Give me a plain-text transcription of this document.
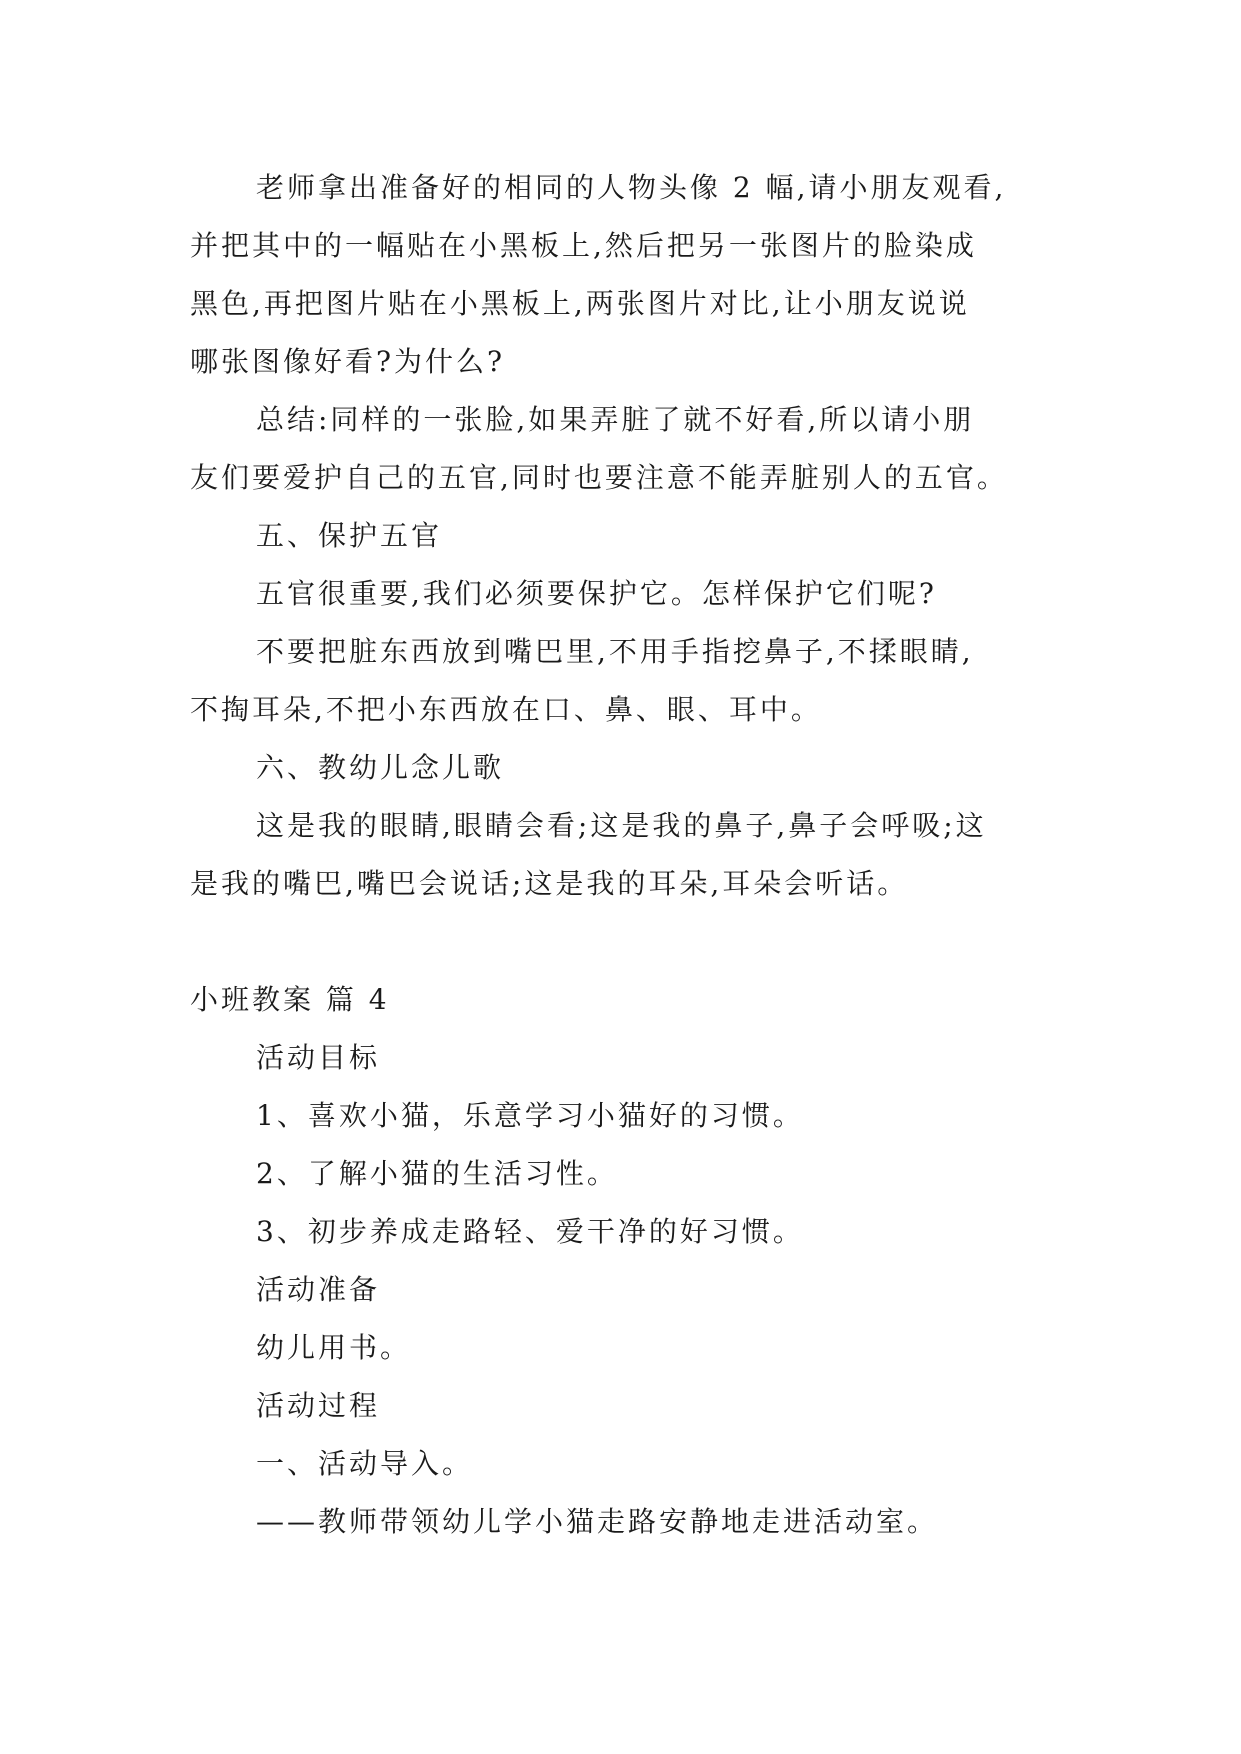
老师拿出准备好的相同的人物头像 2 幅,请小朋友观看,
并把其中的一幅贴在小黑板上,然后把另一张图片的脸染成
黑色,再把图片贴在小黑板上,两张图片对比,让小朋友说说
哪张图像好看?为什么?
总结:同样的一张脸,如果弄脏了就不好看,所以请小朋
友们要爱护自己的五官,同时也要注意不能弄脏别人的五官。
五、保护五官
五官很重要,我们必须要保护它。怎样保护它们呢?
不要把脏东西放到嘴巴里,不用手指挖鼻子,不揉眼睛,
不掏耳朵,不把小东西放在口、鼻、眼、耳中。
六、教幼儿念儿歌
这是我的眼睛,眼睛会看;这是我的鼻子,鼻子会呼吸;这
是我的嘴巴,嘴巴会说话;这是我的耳朵,耳朵会听话。
小班教案 篇 4
活动目标
1、喜欢小猫，乐意学习小猫好的习惯。
2、了解小猫的生活习性。
3、初步养成走路轻、爱干净的好习惯。
活动准备
幼儿用书。
活动过程
一、活动导入。
——教师带领幼儿学小猫走路安静地走进活动室。
